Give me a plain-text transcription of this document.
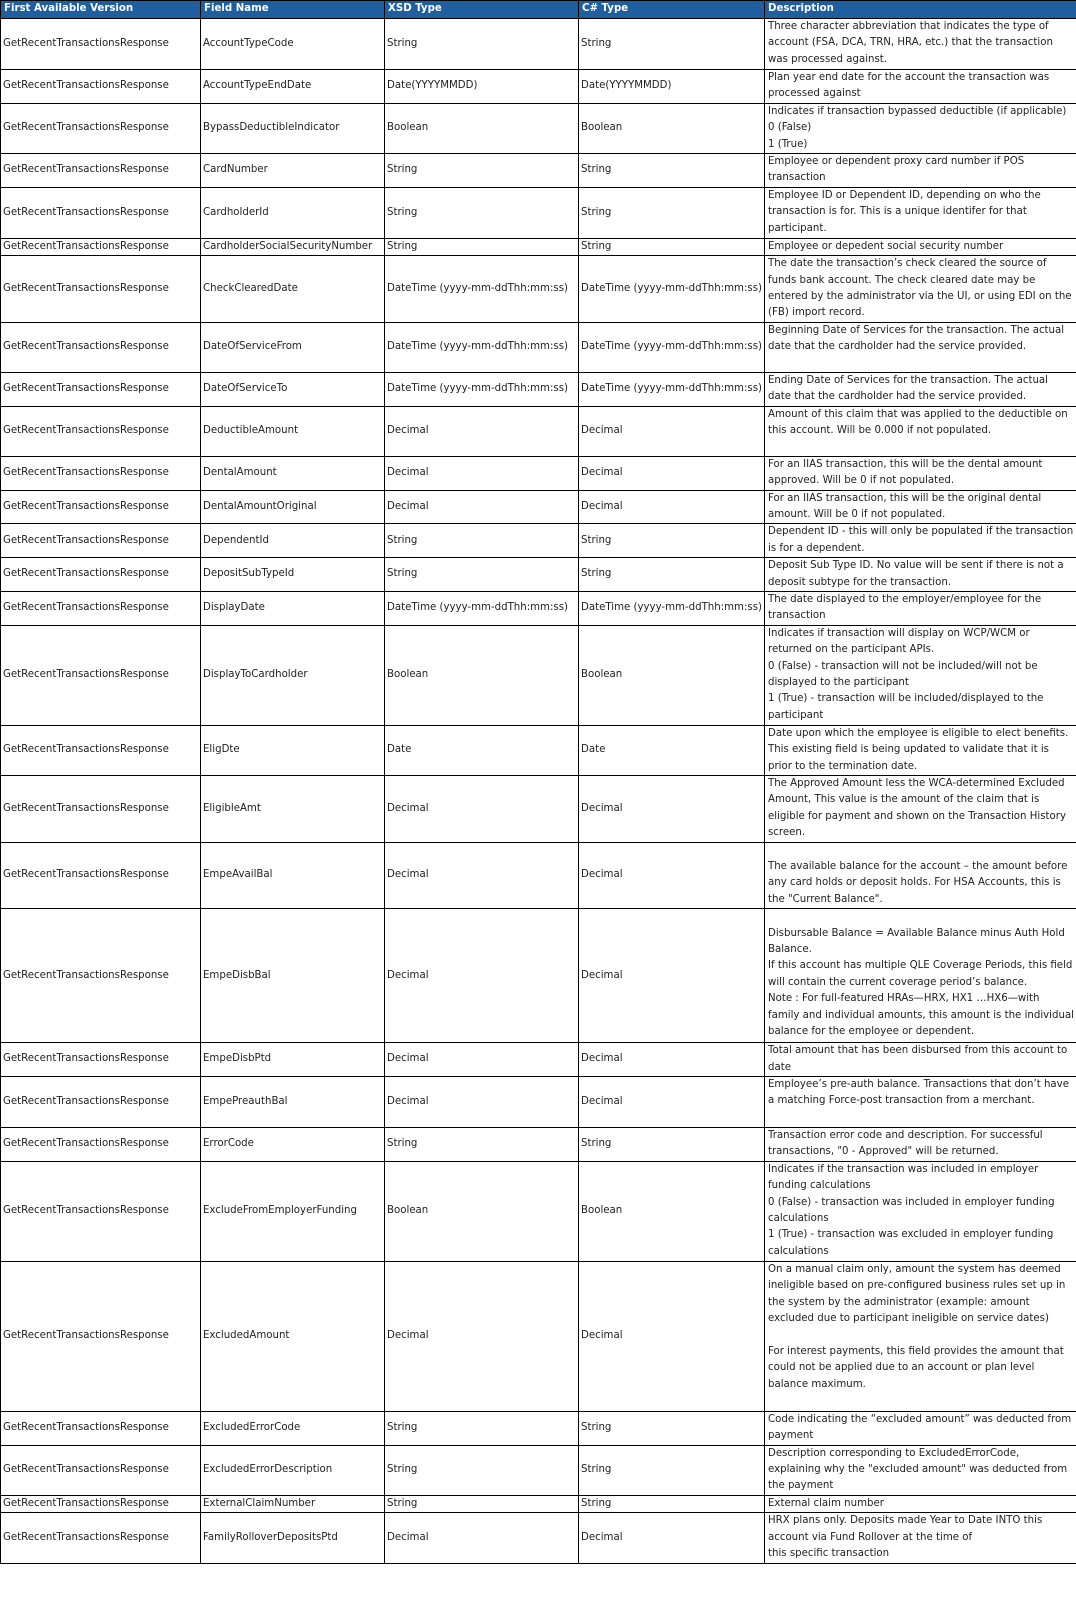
First Available Version	Field Name	XSD Type	C# Type	Description
GetRecentTransactionsResponse	AccountTypeCode	String	String	Three character abbreviation that indicates the type of account (FSA, DCA, TRN, HRA, etc.) that the transaction was processed against.
GetRecentTransactionsResponse	AccountTypeEndDate	Date(YYYYMMDD)	Date(YYYYMMDD)	Plan year end date for the account the transaction was processed against
GetRecentTransactionsResponse	BypassDeductibleIndicator	Boolean	Boolean	Indicates if transaction bypassed deductible (if applicable)
0 (False)
1 (True)
GetRecentTransactionsResponse	CardNumber	String	String	Employee or dependent proxy card number if POS transaction
GetRecentTransactionsResponse	CardholderId	String	String	Employee ID or Dependent ID, depending on who the transaction is for. This is a unique identifer for that participant.
GetRecentTransactionsResponse	CardholderSocialSecurityNumber	String	String	Employee or depedent social security number
GetRecentTransactionsResponse	CheckClearedDate	DateTime (yyyy-mm-ddThh:mm:ss)	DateTime (yyyy-mm-ddThh:mm:ss)	The date the transaction’s check cleared the source of funds bank account. The check cleared date may be entered by the administrator via the UI, or using EDI on the (FB) import record.
GetRecentTransactionsResponse	DateOfServiceFrom	DateTime (yyyy-mm-ddThh:mm:ss)	DateTime (yyyy-mm-ddThh:mm:ss)	Beginning Date of Services for the transaction. The actual date that the cardholder had the service provided.
GetRecentTransactionsResponse	DateOfServiceTo	DateTime (yyyy-mm-ddThh:mm:ss)	DateTime (yyyy-mm-ddThh:mm:ss)	Ending Date of Services for the transaction. The actual date that the cardholder had the service provided.
GetRecentTransactionsResponse	DeductibleAmount	Decimal	Decimal	Amount of this claim that was applied to the deductible on this account. Will be 0.000 if not populated.
GetRecentTransactionsResponse	DentalAmount	Decimal	Decimal	For an IIAS transaction, this will be the dental amount approved. Will be 0 if not populated.
GetRecentTransactionsResponse	DentalAmountOriginal	Decimal	Decimal	For an IIAS transaction, this will be the original dental amount. Will be 0 if not populated.
GetRecentTransactionsResponse	DependentId	String	String	Dependent ID - this will only be populated if the transaction is for a dependent.
GetRecentTransactionsResponse	DepositSubTypeId	String	String	Deposit Sub Type ID. No value will be sent if there is not a deposit subtype for the transaction.
GetRecentTransactionsResponse	DisplayDate	DateTime (yyyy-mm-ddThh:mm:ss)	DateTime (yyyy-mm-ddThh:mm:ss)	The date displayed to the employer/employee for the transaction
GetRecentTransactionsResponse	DisplayToCardholder	Boolean	Boolean	Indicates if transaction will display on WCP/WCM or returned on the participant APIs.
0 (False) - transaction will not be included/will not be displayed to the participant
1 (True) - transaction will be included/displayed to the participant
GetRecentTransactionsResponse	EligDte	Date	Date	Date upon which the employee is eligible to elect benefits. This existing field is being updated to validate that it is prior to the termination date.
GetRecentTransactionsResponse	EligibleAmt	Decimal	Decimal	The Approved Amount less the WCA-determined Excluded Amount, This value is the amount of the claim that is eligible for payment and shown on the Transaction History screen.
GetRecentTransactionsResponse	EmpeAvailBal	Decimal	Decimal	
The available balance for the account – the amount before any card holds or deposit holds. For HSA Accounts, this is the "Current Balance".
GetRecentTransactionsResponse	EmpeDisbBal	Decimal	Decimal	
Disbursable Balance = Available Balance minus Auth Hold Balance.
If this account has multiple QLE Coverage Periods, this field will contain the current coverage period’s balance.
Note : For full-featured HRAs—HRX, HX1 …HX6—with family and individual amounts, this amount is the individual balance for the employee or dependent.
GetRecentTransactionsResponse	EmpeDisbPtd	Decimal	Decimal	Total amount that has been disbursed from this account to date
GetRecentTransactionsResponse	EmpePreauthBal	Decimal	Decimal	Employee’s pre-auth balance. Transactions that don’t have a matching Force-post transaction from a merchant.
GetRecentTransactionsResponse	ErrorCode	String	String	Transaction error code and description. For successful transactions, "0 - Approved" will be returned.
GetRecentTransactionsResponse	ExcludeFromEmployerFunding	Boolean	Boolean	Indicates if the transaction was included in employer funding calculations
0 (False) - transaction was included in employer funding calculations
1 (True) - transaction was excluded in employer funding calculations
GetRecentTransactionsResponse	ExcludedAmount	Decimal	Decimal	On a manual claim only, amount the system has deemed ineligible based on pre-configured business rules set up in the system by the administrator (example: amount excluded due to participant ineligible on service dates)

For interest payments, this field provides the amount that could not be applied due to an account or plan level balance maximum.
GetRecentTransactionsResponse	ExcludedErrorCode	String	String	Code indicating the “excluded amount” was deducted from payment
GetRecentTransactionsResponse	ExcludedErrorDescription	String	String	Description corresponding to ExcludedErrorCode, explaining why the "excluded amount" was deducted from the payment
GetRecentTransactionsResponse	ExternalClaimNumber	String	String	External claim number
GetRecentTransactionsResponse	FamilyRolloverDepositsPtd	Decimal	Decimal	HRX plans only. Deposits made Year to Date INTO this account via Fund Rollover at the time of
this specific transaction
